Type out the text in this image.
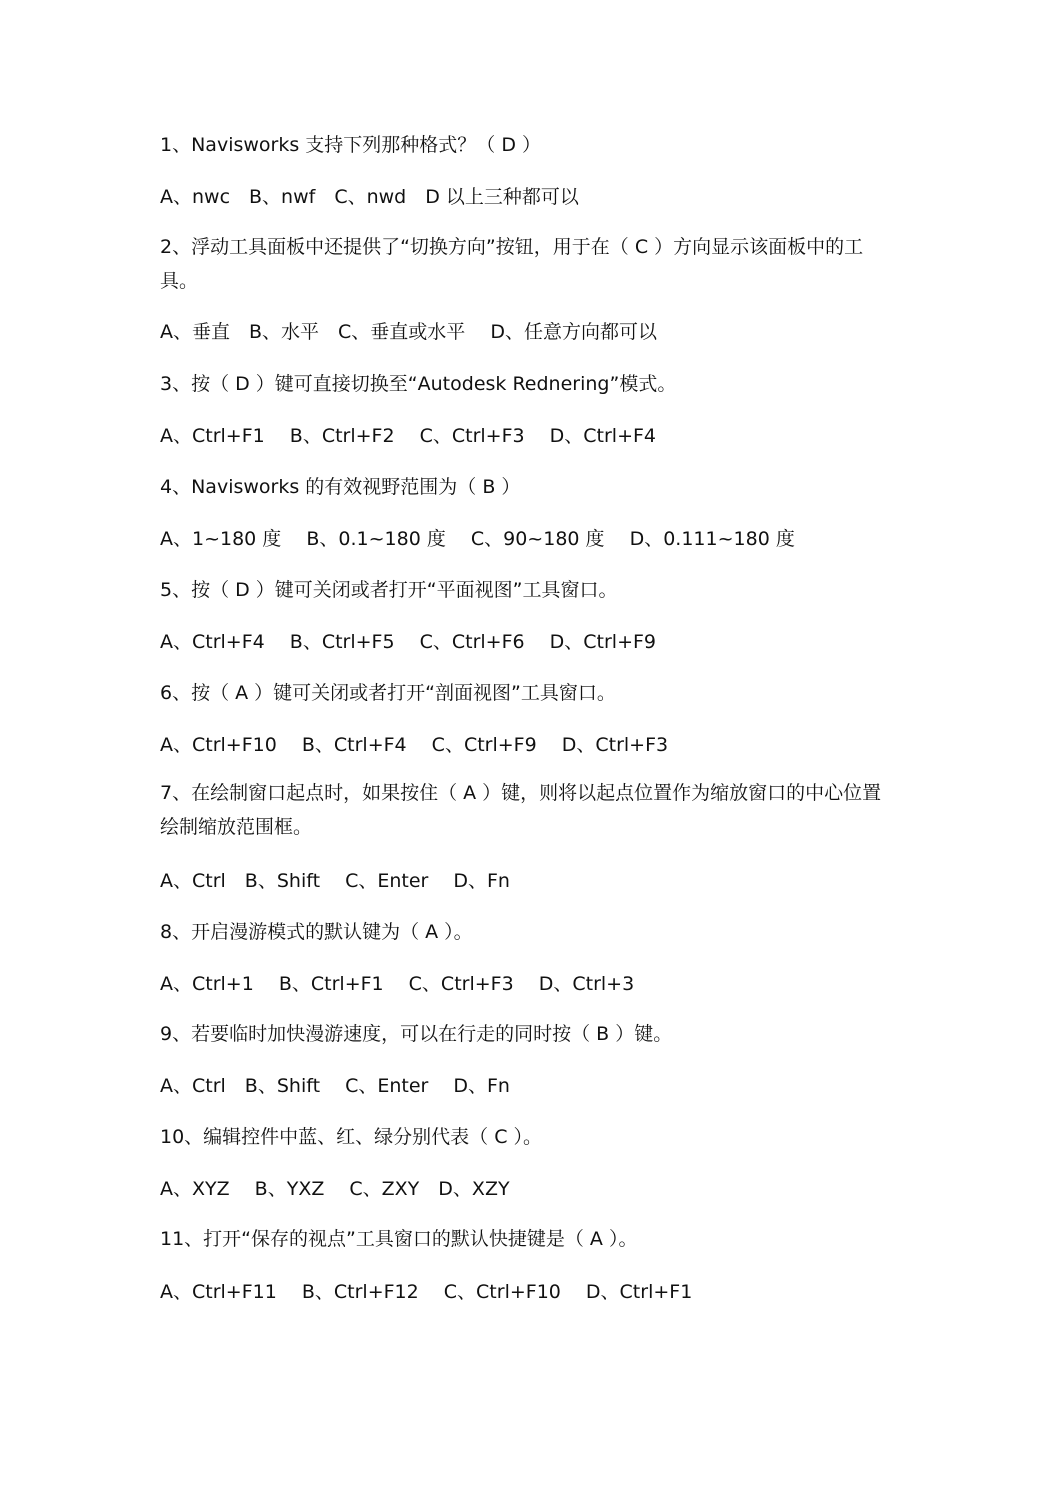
1、Navisworks 支持下列那种格式？（ D ）
A、nwc　B、nwf　C、nwd　D 以上三种都可以
2、浮动工具面板中还提供了“切换方向”按钮，用于在（ C ）方向显示该面板中的工具。
A、垂直　B、水平　C、垂直或水平　 D、任意方向都可以
3、按（ D ）键可直接切换至“Autodesk Rednering”模式。
A、Ctrl+F1　 B、Ctrl+F2　 C、Ctrl+F3　 D、Ctrl+F4
4、Navisworks 的有效视野范围为（ B ）
A、1~180 度　 B、0.1~180 度　 C、90~180 度　 D、0.111~180 度
5、按（ D ）键可关闭或者打开“平面视图”工具窗口。
A、Ctrl+F4　 B、Ctrl+F5　 C、Ctrl+F6　 D、Ctrl+F9
6、按（ A ）键可关闭或者打开“剖面视图”工具窗口。
A、Ctrl+F10　 B、Ctrl+F4　 C、Ctrl+F9　 D、Ctrl+F3
7、在绘制窗口起点时，如果按住（ A ）键，则将以起点位置作为缩放窗口的中心位置绘制缩放范围框。
A、Ctrl　B、Shift　 C、Enter　 D、Fn
8、开启漫游模式的默认键为（ A ）。
A、Ctrl+1　 B、Ctrl+F1　 C、Ctrl+F3　 D、Ctrl+3
9、若要临时加快漫游速度，可以在行走的同时按（ B ）键。
A、Ctrl　B、Shift　 C、Enter　 D、Fn
10、编辑控件中蓝、红、绿分别代表（ C ）。
A、XYZ　 B、YXZ　 C、ZXY　D、XZY
11、打开“保存的视点”工具窗口的默认快捷键是（ A ）。
A、Ctrl+F11　 B、Ctrl+F12　 C、Ctrl+F10　 D、Ctrl+F1
